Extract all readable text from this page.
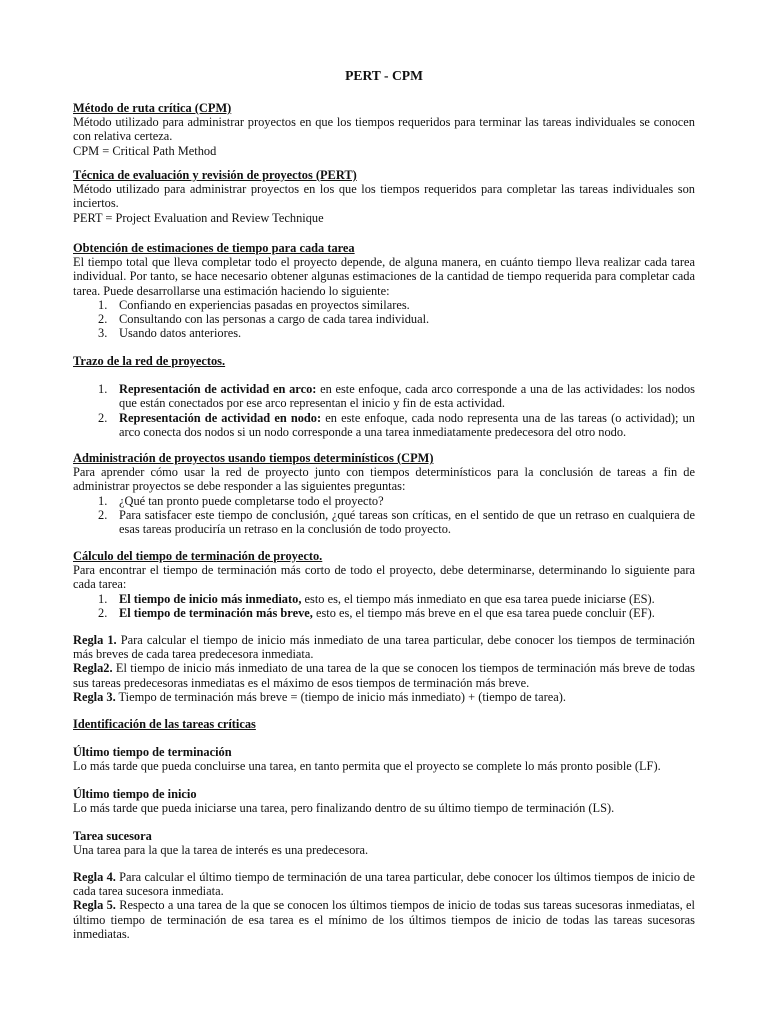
PERT - CPM

Método de ruta crítica (CPM)

Método utilizado para administrar proyectos en que los tiempos requeridos para terminar las tareas individuales se conocen con relativa certeza.

CPM = Critical Path Method

Técnica de evaluación y revisión de proyectos (PERT)

Método utilizado para administrar proyectos en los que los tiempos requeridos para completar las tareas individuales son inciertos.

PERT = Project Evaluation and Review Technique

Obtención de estimaciones de tiempo para cada tarea

El tiempo total que lleva completar todo el proyecto depende, de alguna manera, en cuánto tiempo lleva realizar cada tarea individual. Por tanto, se hace necesario obtener algunas estimaciones de la cantidad de tiempo requerida para completar cada tarea. Puede desarrollarse una estimación haciendo lo siguiente:

1. Confiando en experiencias pasadas en proyectos similares.
2. Consultando con las personas a cargo de cada tarea individual.
3. Usando datos anteriores.

Trazo de la red de proyectos.

1. Representación de actividad en arco: en este enfoque, cada arco corresponde a una de las actividades: los nodos que están conectados por ese arco representan el inicio y fin de esta actividad.
2. Representación de actividad en nodo: en este enfoque, cada nodo representa una de las tareas (o actividad); un arco conecta dos nodos si un nodo corresponde a una tarea inmediatamente predecesora del otro nodo.

Administración de proyectos usando tiempos determinísticos (CPM)

Para aprender cómo usar la red de proyecto junto con tiempos determinísticos para la conclusión de tareas a fin de administrar proyectos se debe responder a las siguientes preguntas:

1. ¿Qué tan pronto puede completarse todo el proyecto?
2. Para satisfacer este tiempo de conclusión, ¿qué tareas son críticas, en el sentido de que un retraso en cualquiera de esas tareas produciría un retraso en la conclusión de todo proyecto.

Cálculo del tiempo de terminación de proyecto.

Para encontrar el tiempo de terminación más corto de todo el proyecto, debe determinarse, determinando lo siguiente para cada tarea:

1. El tiempo de inicio más inmediato, esto es, el tiempo más inmediato en que esa tarea puede iniciarse (ES).
2. El tiempo de terminación más breve, esto es, el tiempo más breve en el que esa tarea puede concluir (EF).

Regla 1. Para calcular el tiempo de inicio más inmediato de una tarea particular, debe conocer los tiempos de terminación más breves de cada tarea predecesora inmediata.

Regla2. El tiempo de inicio más inmediato de una tarea de la que se conocen los tiempos de terminación más breve de todas sus tareas predecesoras inmediatas es el máximo de esos tiempos de terminación más breve.

Regla 3. Tiempo de terminación más breve = (tiempo de inicio más inmediato) + (tiempo de tarea).

Identificación de las tareas críticas

Último tiempo de terminación

Lo más tarde que pueda concluirse una tarea, en tanto permita que el proyecto se complete lo más pronto posible (LF).

Último tiempo de inicio

Lo más tarde que pueda iniciarse una tarea, pero finalizando dentro de su último tiempo de terminación (LS).

Tarea sucesora

Una tarea para la que la tarea de interés es una predecesora.

Regla 4. Para calcular el último tiempo de terminación de una tarea particular, debe conocer los últimos tiempos de inicio de cada tarea sucesora inmediata.

Regla 5. Respecto a una tarea de la que se conocen los últimos tiempos de inicio de todas sus tareas sucesoras inmediatas, el último tiempo de terminación de esa tarea es el mínimo de los últimos tiempos de inicio de todas las tareas sucesoras inmediatas.
